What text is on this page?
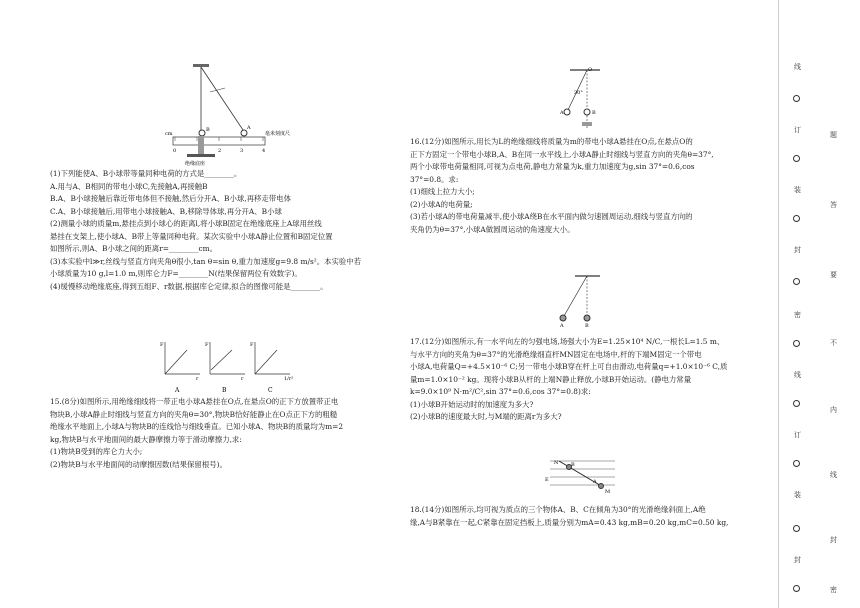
cm	毫米刻度尺
绝缘底座
A
B
0	2	3	4

(1)下列能使A、B小球带等量同种电荷的方式是________。

A.用与A、B相同的带电小球C,先接触A,再接触B

B.A、B小球接触后靠近带电体但不接触,然后分开A、B小球,再移走带电体

C.A、B小球接触后,用带电小球接触A、B,移除导体球,再分开A、B小球

(2)测量小球的质量m,悬挂点到小球心的距离l,将小球B固定在绝缘底座上A球用丝线

悬挂在支架上,使小球A、B带上等量同种电荷。某次实验中小球A静止位置和B固定位置

如图所示,则A、B小球之间的距离r=________cm。

(3)本实验中l≫r,丝线与竖直方向夹角θ很小,tan θ=sin θ,重力加速度g=9.8 m/s²。本实验中若

小球质量为10 g,l=1.0 m,则库仑力F=________N(结果保留两位有效数字)。

(4)缓慢移动绝缘底座,得到五组F、r数据,根据库仑定律,拟合的图像可能是________。

F
r
F
r
F
1/r²
A	B	C

15.(8分)如图所示,用绝缘细线将一带正电小球A悬挂在O点,在悬点O的正下方放置带正电

物块B,小球A静止时细线与竖直方向的夹角θ=30°,物块B恰好能静止在O点正下方的粗糙

绝缘水平地面上,小球A与物块B的连线恰与细线垂直。已知小球A、物块B的质量均为m=2

kg,物块B与水平地面间的最大静摩擦力等于滑动摩擦力,求:

(1)物块B受到的库仑力大小;

(2)物块B与水平地面间的动摩擦因数(结果保留根号)。

O
30°
A	B

16.(12分)如图所示,用长为L的绝缘细线将质量为m的带电小球A悬挂在O点,在悬点O的

正下方固定一个带电小球B,A、B在同一水平线上,小球A静止时细线与竖直方向的夹角θ=37°,

两个小球带电荷量相同,可视为点电荷,静电力常量为k,重力加速度为g,sin 37°=0.6,cos

37°=0.8。求:

(1)细线上拉力大小;

(2)小球A的电荷量;

(3)若小球A的带电荷量减半,使小球A绕B在水平面内做匀速圆周运动,细线与竖直方向的

夹角仍为θ=37°,小球A做圆周运动的角速度大小。

A	B

17.(12分)如图所示,有一水平向左的匀强电场,场强大小为E=1.25×10⁴ N/C,一根长L=1.5 m、

与水平方向的夹角为θ=37°的光滑绝缘细直杆MN固定在电场中,杆的下端M固定一个带电

小球A,电荷量Q=+4.5×10⁻⁶ C;另一带电小球B穿在杆上可自由滑动,电荷量q=+1.0×10⁻⁶ C,质

量m=1.0×10⁻² kg。现将小球B从杆的上端N静止释放,小球B开始运动。(静电力常量

k=9.0×10⁹ N·m²/C²,sin 37°=0.6,cos 37°=0.8)求:

(1)小球B开始运动时的加速度为多大?

(2)小球B的速度最大时,与M端的距离r为多大?

N	B
E	A
M

18.(14分)如图所示,均可视为质点的三个物体A、B、C在倾角为30°的光滑绝缘斜面上,A绝

缘,A与B紧靠在一起,C紧靠在固定挡板上,质量分别为mA=0.43 kg,mB=0.20 kg,mC=0.50 kg,

线
订
装
封
密
线
订
装
封
题
答
要
不
内
线
封
密
